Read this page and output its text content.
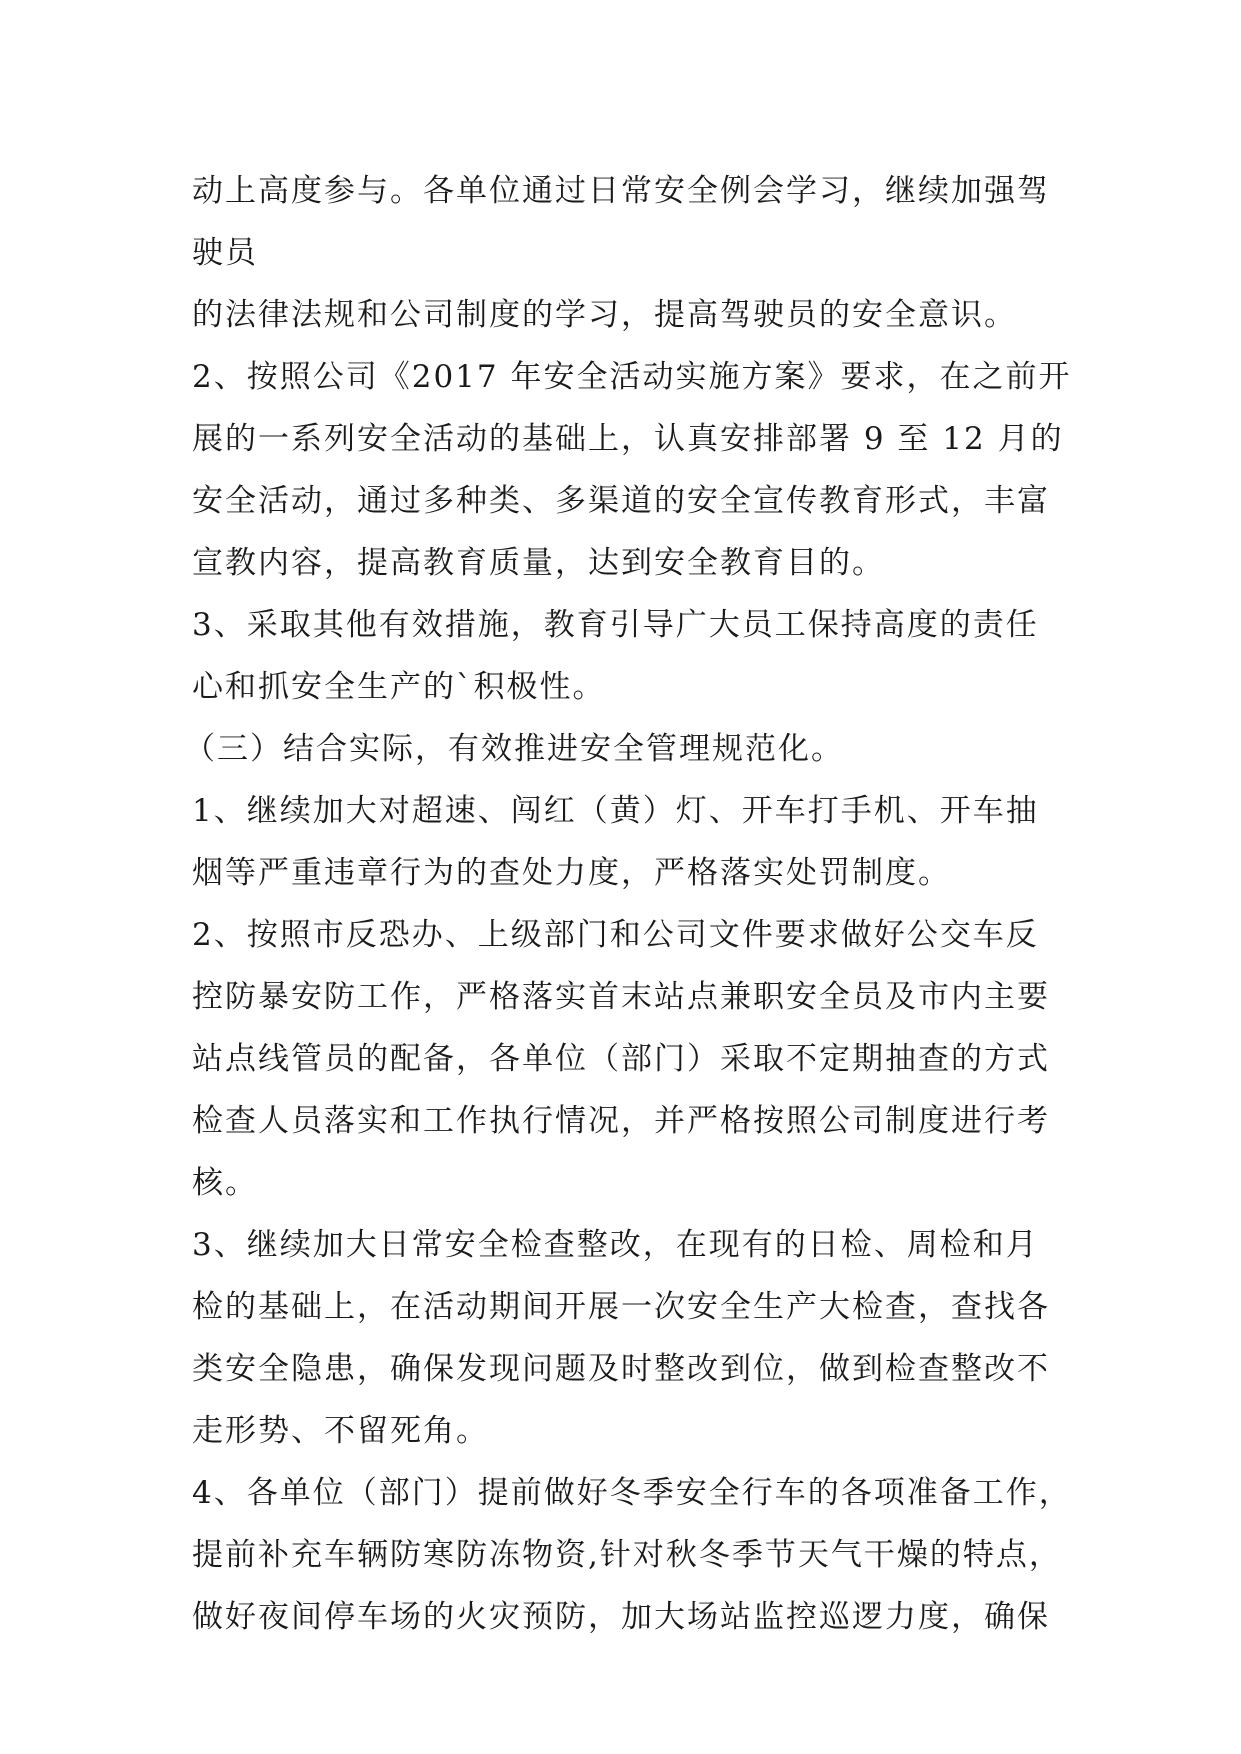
动上高度参与。各单位通过日常安全例会学习，继续加强驾
驶员
的法律法规和公司制度的学习，提高驾驶员的安全意识。
2、按照公司《2017 年安全活动实施方案》要求，在之前开
展的一系列安全活动的基础上，认真安排部署 9 至 12 月的
安全活动，通过多种类、多渠道的安全宣传教育形式，丰富
宣教内容，提高教育质量，达到安全教育目的。
3、采取其他有效措施，教育引导广大员工保持高度的责任
心和抓安全生产的`积极性。
（三）结合实际，有效推进安全管理规范化。
1、继续加大对超速、闯红（黄）灯、开车打手机、开车抽
烟等严重违章行为的查处力度，严格落实处罚制度。
2、按照市反恐办、上级部门和公司文件要求做好公交车反
控防暴安防工作，严格落实首末站点兼职安全员及市内主要
站点线管员的配备，各单位（部门）采取不定期抽查的方式
检查人员落实和工作执行情况，并严格按照公司制度进行考
核。
3、继续加大日常安全检查整改，在现有的日检、周检和月
检的基础上，在活动期间开展一次安全生产大检查，查找各
类安全隐患，确保发现问题及时整改到位，做到检查整改不
走形势、不留死角。
4、各单位（部门）提前做好冬季安全行车的各项准备工作，
提前补充车辆防寒防冻物资,针对秋冬季节天气干燥的特点，
做好夜间停车场的火灾预防，加大场站监控巡逻力度，确保
